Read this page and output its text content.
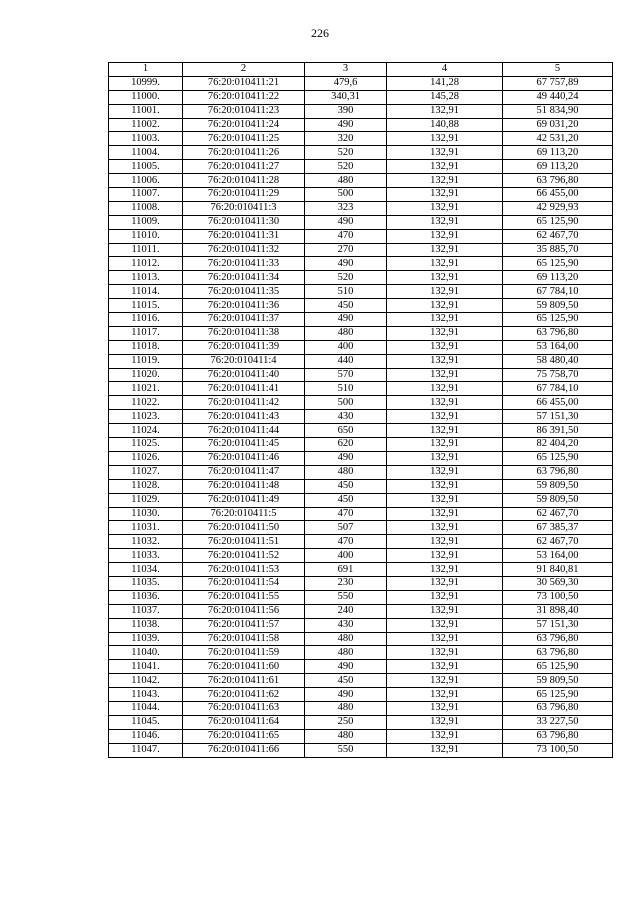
226
1	2	3	4	5
10999.	76:20:010411:21	479,6	141,28	67 757,89
11000.	76:20:010411:22	340,31	145,28	49 440,24
11001.	76:20:010411:23	390	132,91	51 834,90
11002.	76:20:010411:24	490	140,88	69 031,20
11003.	76:20:010411:25	320	132,91	42 531,20
11004.	76:20:010411:26	520	132,91	69 113,20
11005.	76:20:010411:27	520	132,91	69 113,20
11006.	76:20:010411:28	480	132,91	63 796,80
11007.	76:20:010411:29	500	132,91	66 455,00
11008.	76:20:010411:3	323	132,91	42 929,93
11009.	76:20:010411:30	490	132,91	65 125,90
11010.	76:20:010411:31	470	132,91	62 467,70
11011.	76:20:010411:32	270	132,91	35 885,70
11012.	76:20:010411:33	490	132,91	65 125,90
11013.	76:20:010411:34	520	132,91	69 113,20
11014.	76:20:010411:35	510	132,91	67 784,10
11015.	76:20:010411:36	450	132,91	59 809,50
11016.	76:20:010411:37	490	132,91	65 125,90
11017.	76:20:010411:38	480	132,91	63 796,80
11018.	76:20:010411:39	400	132,91	53 164,00
11019.	76:20:010411:4	440	132,91	58 480,40
11020.	76:20:010411:40	570	132,91	75 758,70
11021.	76:20:010411:41	510	132,91	67 784,10
11022.	76:20:010411:42	500	132,91	66 455,00
11023.	76:20:010411:43	430	132,91	57 151,30
11024.	76:20:010411:44	650	132,91	86 391,50
11025.	76:20:010411:45	620	132,91	82 404,20
11026.	76:20:010411:46	490	132,91	65 125,90
11027.	76:20:010411:47	480	132,91	63 796,80
11028.	76:20:010411:48	450	132,91	59 809,50
11029.	76:20:010411:49	450	132,91	59 809,50
11030.	76:20:010411:5	470	132,91	62 467,70
11031.	76:20:010411:50	507	132,91	67 385,37
11032.	76:20:010411:51	470	132,91	62 467,70
11033.	76:20:010411:52	400	132,91	53 164,00
11034.	76:20:010411:53	691	132,91	91 840,81
11035.	76:20:010411:54	230	132,91	30 569,30
11036.	76:20:010411:55	550	132,91	73 100,50
11037.	76:20:010411:56	240	132,91	31 898,40
11038.	76:20:010411:57	430	132,91	57 151,30
11039.	76:20:010411:58	480	132,91	63 796,80
11040.	76:20:010411:59	480	132,91	63 796,80
11041.	76:20:010411:60	490	132,91	65 125,90
11042.	76:20:010411:61	450	132,91	59 809,50
11043.	76:20:010411:62	490	132,91	65 125,90
11044.	76:20:010411:63	480	132,91	63 796,80
11045.	76:20:010411:64	250	132,91	33 227,50
11046.	76:20:010411:65	480	132,91	63 796,80
11047.	76:20:010411:66	550	132,91	73 100,50
